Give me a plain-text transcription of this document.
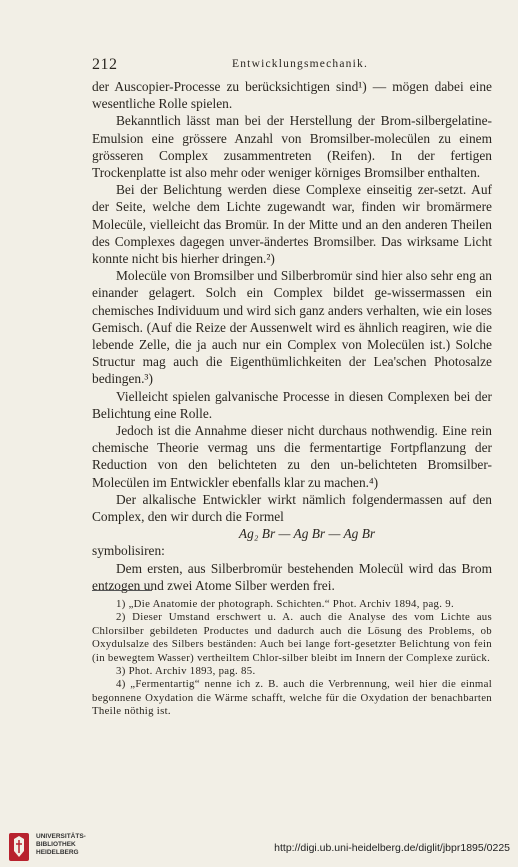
212	Entwicklungsmechanik.

der Auscopier-Processe zu berücksichtigen sind¹) — mögen dabei eine wesentliche Rolle spielen.

Bekanntlich lässt man bei der Herstellung der Brom-silbergelatine-Emulsion eine grössere Anzahl von Bromsilber-molecülen zu einem grösseren Complex zusammentreten (Reifen). In der fertigen Trockenplatte ist also mehr oder weniger körniges Bromsilber enthalten.

Bei der Belichtung werden diese Complexe einseitig zer-setzt. Auf der Seite, welche dem Lichte zugewandt war, finden wir bromärmere Molecüle, vielleicht das Bromür. In der Mitte und an den anderen Theilen des Complexes dagegen unver-ändertes Bromsilber. Das wirksame Licht konnte nicht bis hierher dringen.²)

Molecüle von Bromsilber und Silberbromür sind hier also sehr eng an einander gelagert. Solch ein Complex bildet ge-wissermassen ein chemisches Individuum und wird sich ganz anders verhalten, wie ein loses Gemisch. (Auf die Reize der Aussenwelt wird es ähnlich reagiren, wie die lebende Zelle, die ja auch nur ein Complex von Molecülen ist.) Solche Structur mag auch die Eigenthümlichkeiten der Lea'schen Photosalze bedingen.³)

Vielleicht spielen galvanische Processe in diesen Complexen bei der Belichtung eine Rolle.

Jedoch ist die Annahme dieser nicht durchaus nothwendig. Eine rein chemische Theorie vermag uns die fermentartige Fortpflanzung der Reduction von den belichteten zu den un-belichteten Bromsilber-Molecülen im Entwickler ebenfalls klar zu machen.⁴)

Der alkalische Entwickler wirkt nämlich folgendermassen auf den Complex, den wir durch die Formel

Ag₂ Br — Ag Br — Ag Br

symbolisiren:

Dem ersten, aus Silberbromür bestehenden Molecül wird das Brom entzogen und zwei Atome Silber werden frei.

1) „Die Anatomie der photograph. Schichten.“ Phot. Archiv 1894, pag. 9.

2) Dieser Umstand erschwert u. A. auch die Analyse des vom Lichte aus Chlorsilber gebildeten Productes und dadurch auch die Lösung des Problems, ob Oxydulsalze des Silbers beständen: Auch bei lange fort-gesetzter Belichtung von fein (in bewegtem Wasser) vertheiltem Chlor-silber bleibt im Innern der Complexe zurück.

3) Phot. Archiv 1893, pag. 85.

4) „Fermentartig“ nenne ich z. B. auch die Verbrennung, weil hier die einmal begonnene Oxydation die Wärme schafft, welche für die Oxydation der benachbarten Theile nöthig ist.

UNIVERSITÄTS-
BIBLIOTHEK
HEIDELBERG	http://digi.ub.uni-heidelberg.de/diglit/jbpr1895/0225
